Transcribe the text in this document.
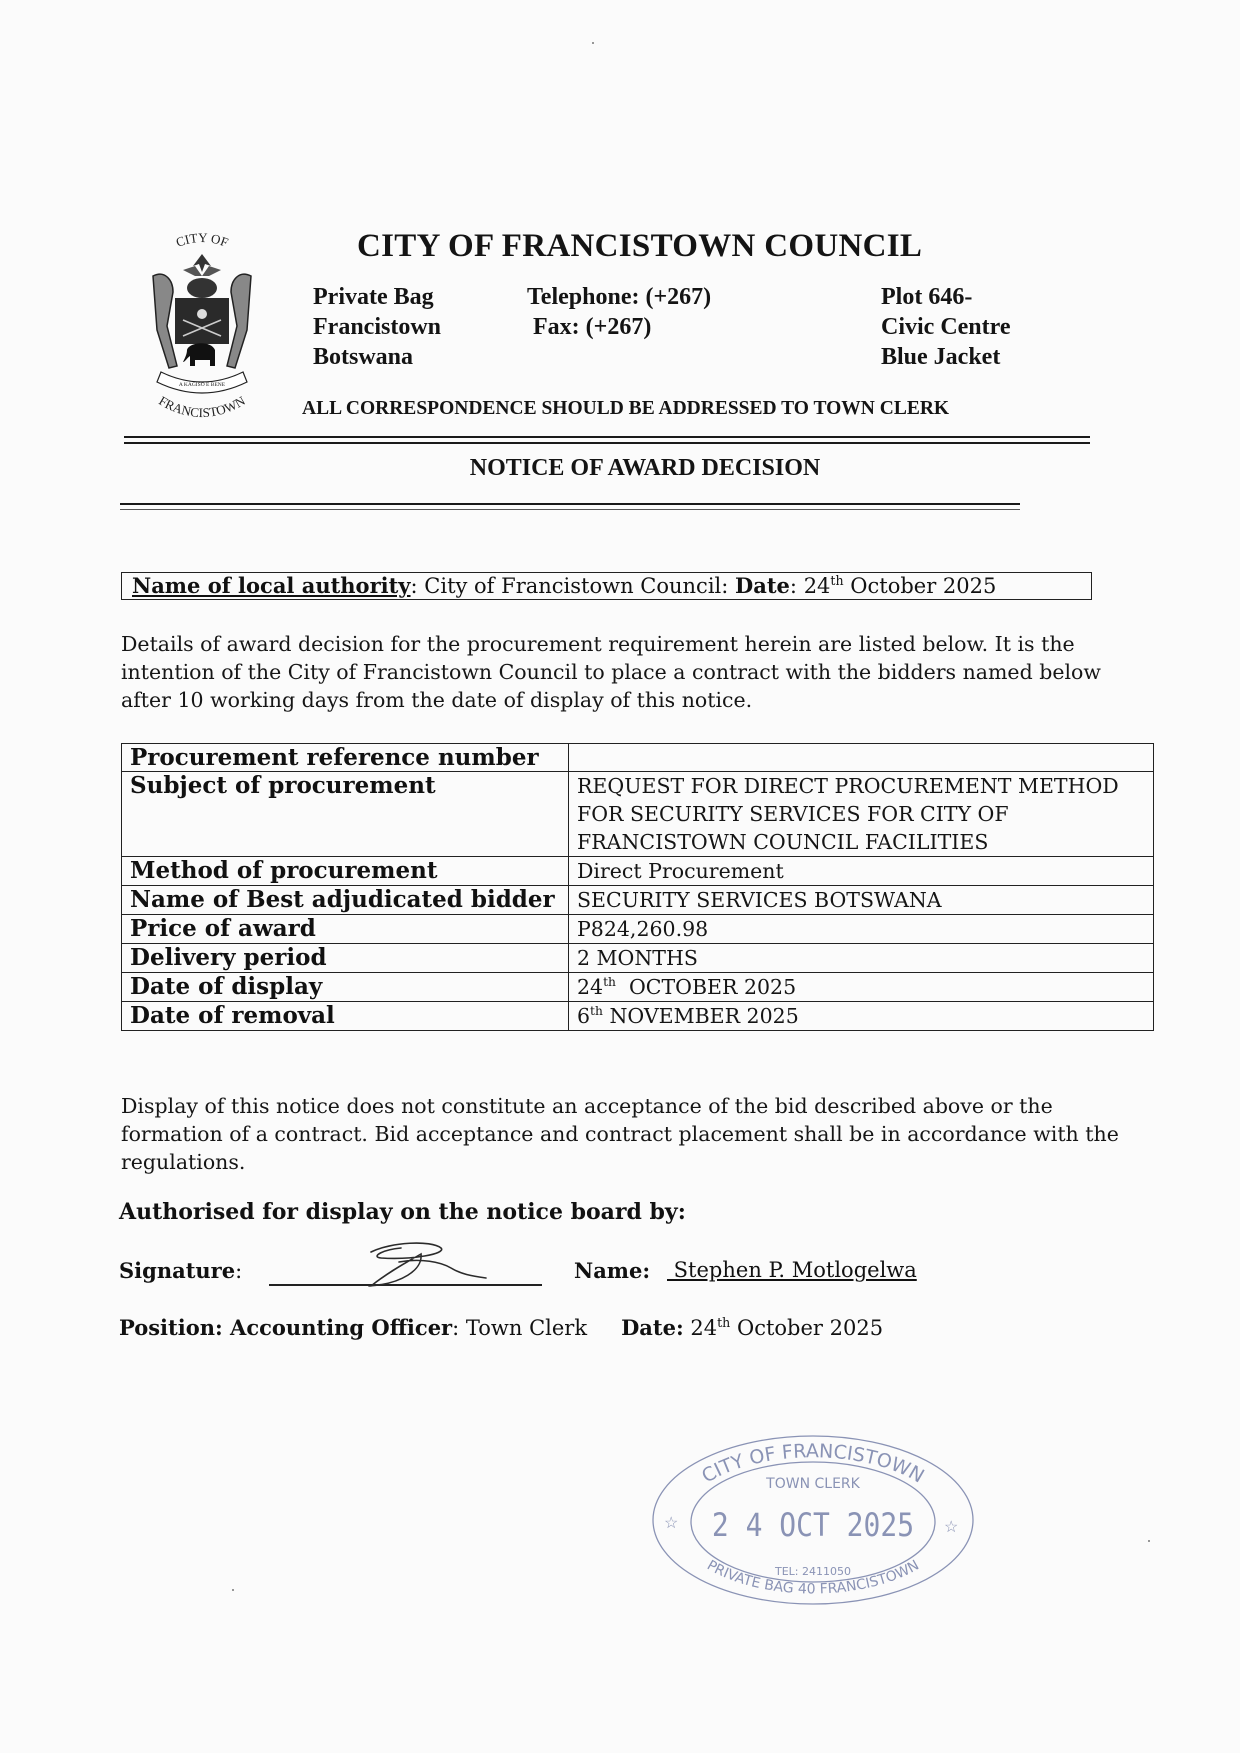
CITY OF
A KAGISO E BENE
FRANCISTOWN
CITY OF FRANCISTOWN COUNCIL
Private Bag
Francistown
Botswana
Telephone: (+267)
Fax: (+267)
Plot 646-
Civic Centre
Blue Jacket
ALL CORRESPONDENCE SHOULD BE ADDRESSED TO TOWN CLERK
NOTICE OF AWARD DECISION
Name of local authority: City of Francistown Council: Date: 24th October 2025
Details of award decision for the procurement requirement herein are listed below. It is the intention of the City of Francistown Council to place a contract with the bidders named below after 10 working days from the date of display of this notice.
Procurement reference number	
Subject of procurement	REQUEST FOR DIRECT PROCUREMENT METHOD FOR SECURITY SERVICES FOR CITY OF FRANCISTOWN COUNCIL FACILITIES
Method of procurement	Direct Procurement
Name of Best adjudicated bidder	SECURITY SERVICES BOTSWANA
Price of award	P824,260.98
Delivery period	2 MONTHS
Date of display	24th  OCTOBER 2025
Date of removal	6th NOVEMBER 2025
Display of this notice does not constitute an acceptance of the bid described above or the formation of a contract. Bid acceptance and contract placement shall be in accordance with the regulations.
Authorised for display on the notice board by:
Signature:	Name: Stephen P. Motlogelwa
Position: Accounting Officer: Town Clerk Date: 24th October 2025
CITY OF FRANCISTOWN
TOWN CLERK
2 4 OCT 2025
TEL: 2411050
PRIVATE BAG 40 FRANCISTOWN
☆	☆
